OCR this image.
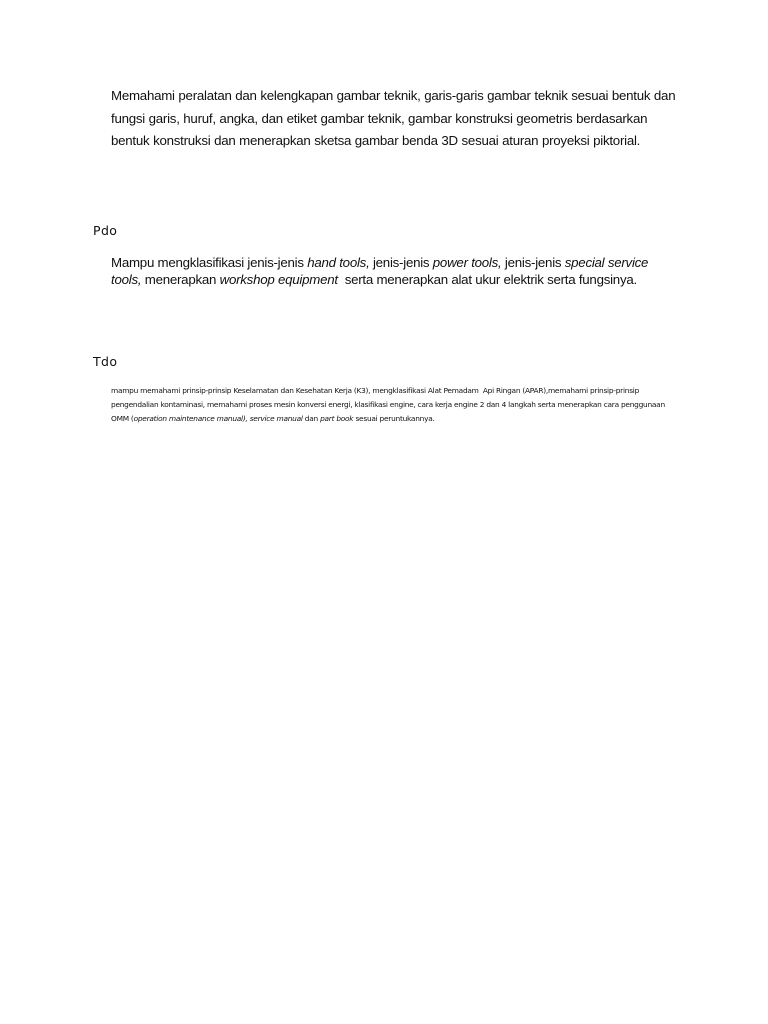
Memahami peralatan dan kelengkapan gambar teknik, garis-garis gambar teknik sesuai bentuk dan fungsi garis, huruf, angka, dan etiket gambar teknik, gambar konstruksi geometris berdasarkan bentuk konstruksi dan menerapkan sketsa gambar benda 3D sesuai aturan proyeksi piktorial.

Pdo

Mampu mengklasifikasi jenis-jenis hand tools, jenis-jenis power tools, jenis-jenis special service tools, menerapkan workshop equipment  serta menerapkan alat ukur elektrik serta fungsinya.

Tdo

mampu memahami prinsip-prinsip Keselamatan dan Kesehatan Kerja (K3), mengklasifikasi Alat Pemadam  Api Ringan (APAR),memahami prinsip-prinsip pengendalian kontaminasi, memahami proses mesin konversi energi, klasifikasi engine, cara kerja engine 2 dan 4 langkah serta menerapkan cara penggunaan OMM (operation maintenance manual), service manual dan part book sesuai peruntukannya.
